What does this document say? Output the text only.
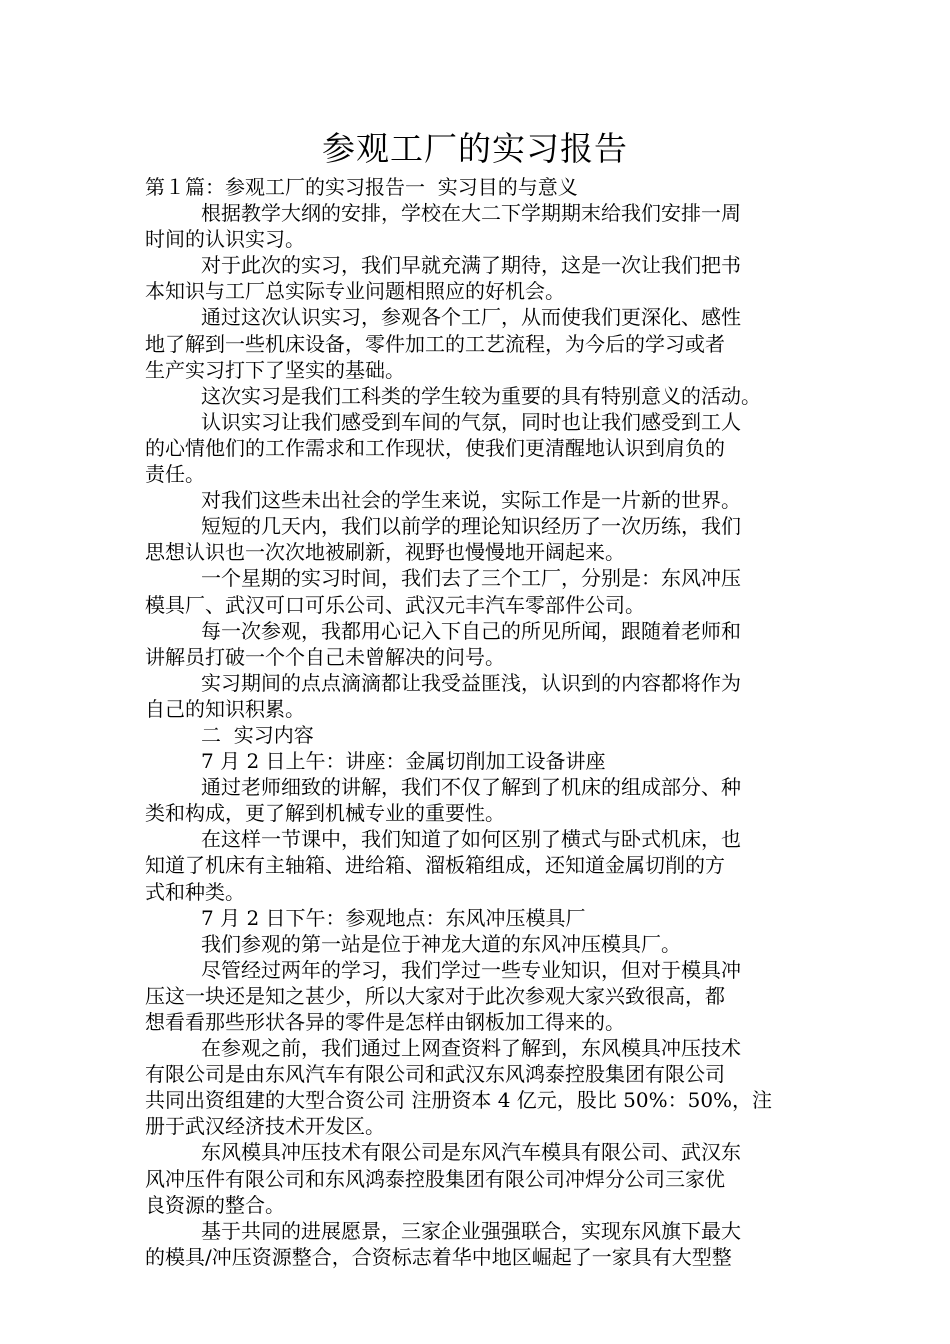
参观工厂的实习报告
第１篇：参观工厂的实习报告一  实习目的与意义
根据教学大纲的安排，学校在大二下学期期末给我们安排一周
时间的认识实习。
对于此次的实习，我们早就充满了期待，这是一次让我们把书
本知识与工厂总实际专业问题相照应的好机会。
通过这次认识实习，参观各个工厂，从而使我们更深化、感性
地了解到一些机床设备，零件加工的工艺流程，为今后的学习或者
生产实习打下了坚实的基础。
这次实习是我们工科类的学生较为重要的具有特别意义的活动。
认识实习让我们感受到车间的气氛，同时也让我们感受到工人
的心情他们的工作需求和工作现状，使我们更清醒地认识到肩负的
责任。
对我们这些未出社会的学生来说，实际工作是一片新的世界。
短短的几天内，我们以前学的理论知识经历了一次历练，我们
思想认识也一次次地被刷新，视野也慢慢地开阔起来。
一个星期的实习时间，我们去了三个工厂，分别是：东风冲压
模具厂、武汉可口可乐公司、武汉元丰汽车零部件公司。
每一次参观，我都用心记入下自己的所见所闻，跟随着老师和
讲解员打破一个个自己未曾解决的问号。
实习期间的点点滴滴都让我受益匪浅，认识到的内容都将作为
自己的知识积累。
二  实习内容
7 月 2 日上午：讲座：金属切削加工设备讲座
通过老师细致的讲解，我们不仅了解到了机床的组成部分、种
类和构成，更了解到机械专业的重要性。
在这样一节课中，我们知道了如何区别了横式与卧式机床，也
知道了机床有主轴箱、进给箱、溜板箱组成，还知道金属切削的方
式和种类。
7 月 2 日下午：参观地点：东风冲压模具厂
我们参观的第一站是位于神龙大道的东风冲压模具厂。
尽管经过两年的学习，我们学过一些专业知识，但对于模具冲
压这一块还是知之甚少，所以大家对于此次参观大家兴致很高，都
想看看那些形状各异的零件是怎样由钢板加工得来的。
在参观之前，我们通过上网查资料了解到，东风模具冲压技术
有限公司是由东风汽车有限公司和武汉东风鸿泰控股集团有限公司
共同出资组建的大型合资公司 注册资本 4 亿元，股比 50%：50%，注
册于武汉经济技术开发区。
东风模具冲压技术有限公司是东风汽车模具有限公司、武汉东
风冲压件有限公司和东风鸿泰控股集团有限公司冲焊分公司三家优
良资源的整合。
基于共同的进展愿景，三家企业强强联合，实现东风旗下最大
的模具/冲压资源整合，合资标志着华中地区崛起了一家具有大型整
